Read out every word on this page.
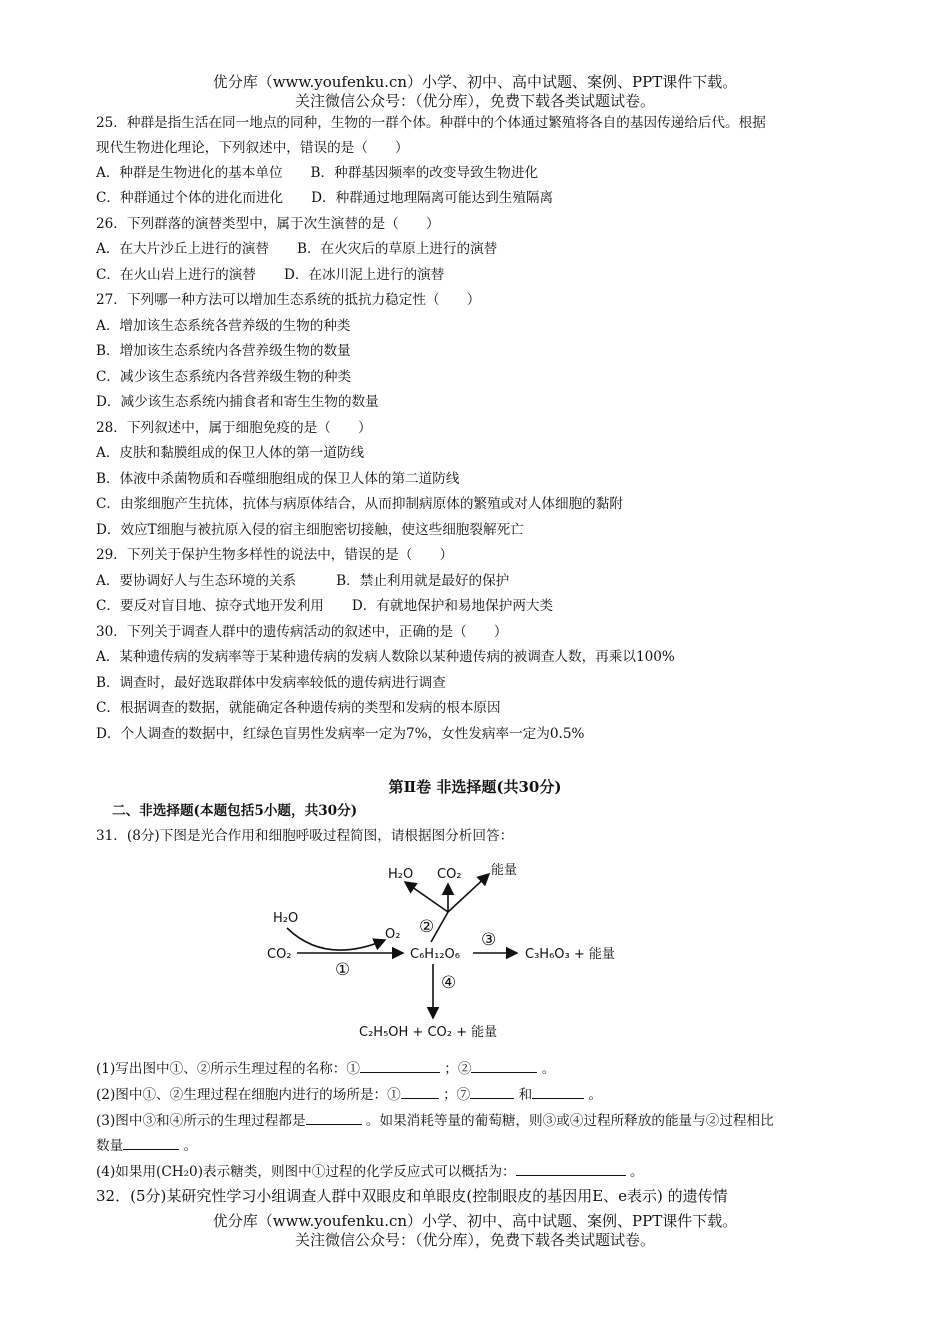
优分库（www.youfenku.cn）小学、初中、高中试题、案例、PPT课件下载。
关注微信公众号：（优分库），免费下载各类试题试卷。
25．种群是指生活在同一地点的同种，生物的一群个体。种群中的个体通过繁殖将各自的基因传递给后代。根据
现代生物进化理论，下列叙述中，错误的是（　　）
A．种群是生物进化的基本单位 B．种群基因频率的改变导致生物进化
C．种群通过个体的进化而进化 D．种群通过地理隔离可能达到生殖隔离
26．下列群落的演替类型中，属于次生演替的是（　　）
A．在大片沙丘上进行的演替 B．在火灾后的草原上进行的演替
C．在火山岩上进行的演替 D．在冰川泥上进行的演替
27．下列哪一种方法可以增加生态系统的抵抗力稳定性（　　）
A．增加该生态系统各营养级的生物的种类
B．增加该生态系统内各营养级生物的数量
C．减少该生态系统内各营养级生物的种类
D．减少该生态系统内捕食者和寄生生物的数量
28．下列叙述中，属于细胞免疫的是（　　）
A．皮肤和黏膜组成的保卫人体的第一道防线
B．体液中杀菌物质和吞噬细胞组成的保卫人体的第二道防线
C．由浆细胞产生抗体，抗体与病原体结合，从而抑制病原体的繁殖或对人体细胞的黏附
D．效应T细胞与被抗原入侵的宿主细胞密切接触，使这些细胞裂解死亡
29．下列关于保护生物多样性的说法中，错误的是（　　）
A．要协调好人与生态环境的关系	B．禁止利用就是最好的保护
C．要反对盲目地、掠夺式地开发利用 D．有就地保护和易地保护两大类
30．下列关于调查人群中的遗传病活动的叙述中，正确的是（　　）
A．某种遗传病的发病率等于某种遗传病的发病人数除以某种遗传病的被调查人数，再乘以100%
B．调查时，最好选取群体中发病率较低的遗传病进行调查
C．根据调查的数据，就能确定各种遗传病的类型和发病的根本原因
D．个人调查的数据中，红绿色盲男性发病率一定为7%，女性发病率一定为0.5%
第Ⅱ卷 非选择题(共30分)
二、非选择题(本题包括5小题，共30分)
31．(8分)下图是光合作用和细胞呼吸过程简图，请根据图分析回答：
H₂O CO₂ 能量
②
H₂O
CO₂
O₂
①
C₆H₁₂O₆
③
C₃H₆O₃ + 能量
④
C₂H₅OH + CO₂ + 能量
(1)写出图中①、②所示生理过程的名称：①	；②	。
(2)图中①、②生理过程在细胞内进行的场所是：①	；⑦	和	。
(3)图中③和④所示的生理过程都是	。如果消耗等量的葡萄糖，则③或④过程所释放的能量与②过程相比
数量	。
(4)如果用(CH₂0)表示糖类，则图中①过程的化学反应式可以概括为：	。
32．(5分)某研究性学习小组调查人群中双眼皮和单眼皮(控制眼皮的基因用E、e表示) 的遗传情
优分库（www.youfenku.cn）小学、初中、高中试题、案例、PPT课件下载。
关注微信公众号：（优分库），免费下载各类试题试卷。
